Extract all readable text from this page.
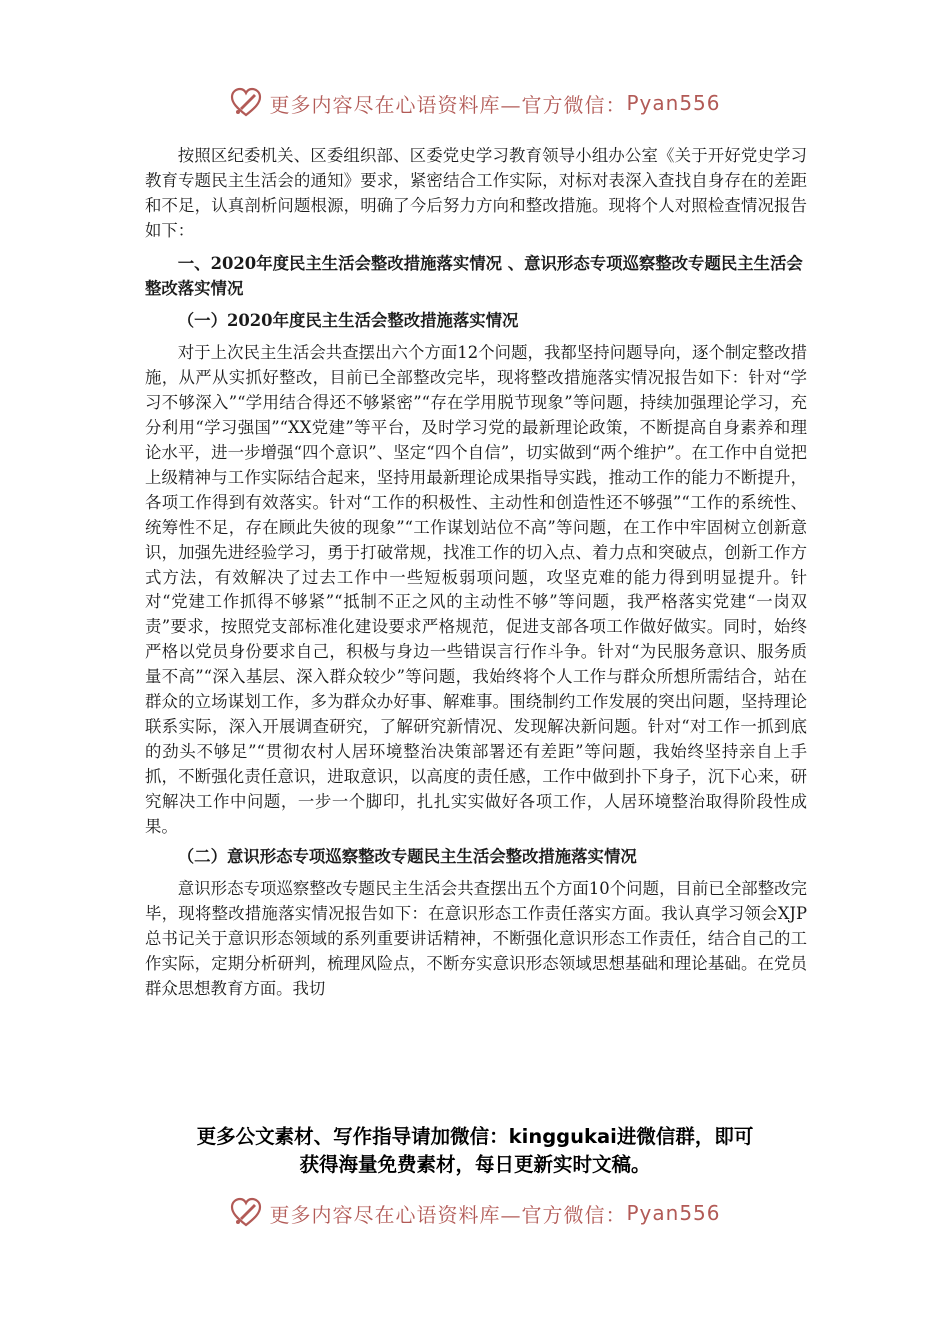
更多内容尽在心语资料库—官方微信： Pyan556

按照区纪委机关、区委组织部、区委党史学习教育领导小组办公室《关于开好党史学习教育专题民主生活会的通知》要求，紧密结合工作实际，对标对表深入查找自身存在的差距和不足，认真剖析问题根源，明确了今后努力方向和整改措施。现将个人对照检查情况报告如下：

一、2020年度民主生活会整改措施落实情况 、意识形态专项巡察整改专题民主生活会整改落实情况

（一）2020年度民主生活会整改措施落实情况

对于上次民主生活会共查摆出六个方面12个问题，我都坚持问题导向，逐个制定整改措施，从严从实抓好整改，目前已全部整改完毕，现将整改措施落实情况报告如下：针对“学习不够深入”“学用结合得还不够紧密”“存在学用脱节现象”等问题，持续加强理论学习，充分利用“学习强国”“XX党建”等平台，及时学习党的最新理论政策，不断提高自身素养和理论水平，进一步增强“四个意识”、坚定“四个自信”，切实做到“两个维护”。在工作中自觉把上级精神与工作实际结合起来，坚持用最新理论成果指导实践，推动工作的能力不断提升，各项工作得到有效落实。针对“工作的积极性、主动性和创造性还不够强”“工作的系统性、统筹性不足，存在顾此失彼的现象”“工作谋划站位不高”等问题，在工作中牢固树立创新意识，加强先进经验学习，勇于打破常规，找准工作的切入点、着力点和突破点，创新工作方式方法，有效解决了过去工作中一些短板弱项问题，攻坚克难的能力得到明显提升。针对“党建工作抓得不够紧”“抵制不正之风的主动性不够”等问题，我严格落实党建“一岗双责”要求，按照党支部标准化建设要求严格规范，促进支部各项工作做好做实。同时，始终严格以党员身份要求自己，积极与身边一些错误言行作斗争。针对“为民服务意识、服务质量不高”“深入基层、深入群众较少”等问题，我始终将个人工作与群众所想所需结合，站在群众的立场谋划工作，多为群众办好事、解难事。围绕制约工作发展的突出问题，坚持理论联系实际，深入开展调查研究，了解研究新情况、发现解决新问题。针对“对工作一抓到底的劲头不够足”“贯彻农村人居环境整治决策部署还有差距”等问题，我始终坚持亲自上手抓，不断强化责任意识，进取意识，以高度的责任感，工作中做到扑下身子，沉下心来，研究解决工作中问题，一步一个脚印，扎扎实实做好各项工作，人居环境整治取得阶段性成果。

（二）意识形态专项巡察整改专题民主生活会整改措施落实情况

意识形态专项巡察整改专题民主生活会共查摆出五个方面10个问题，目前已全部整改完毕，现将整改措施落实情况报告如下：在意识形态工作责任落实方面。我认真学习领会XJP总书记关于意识形态领域的系列重要讲话精神，不断强化意识形态工作责任，结合自己的工作实际，定期分析研判，梳理风险点，不断夯实意识形态领域思想基础和理论基础。在党员群众思想教育方面。我切

更多公文素材、写作指导请加微信：kinggukai进微信群，即可
获得海量免费素材，每日更新实时文稿。
更多内容尽在心语资料库—官方微信： Pyan556
